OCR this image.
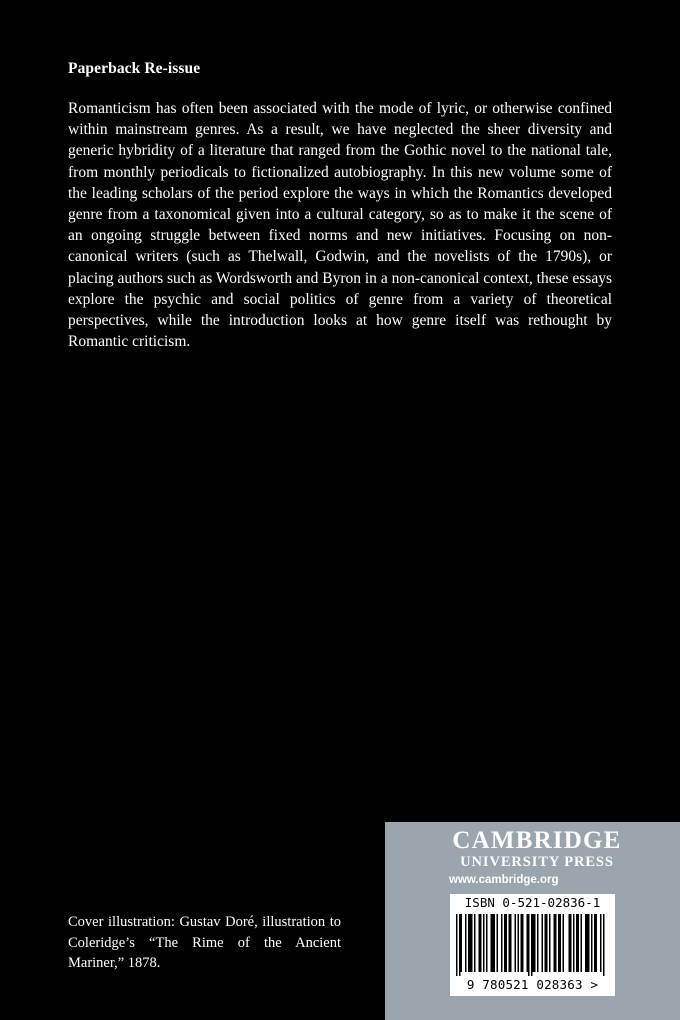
Paperback Re-issue

Romanticism has often been associated with the mode of lyric, or otherwise confined within mainstream genres. As a result, we have neglected the sheer diversity and generic hybridity of a literature that ranged from the Gothic novel to the national tale, from monthly periodicals to fictionalized autobiography. In this new volume some of the leading scholars of the period explore the ways in which the Romantics developed genre from a taxonomical given into a cultural category, so as to make it the scene of an ongoing struggle between fixed norms and new initiatives. Focusing on non-canonical writers (such as Thelwall, Godwin, and the novelists of the 1790s), or placing authors such as Wordsworth and Byron in a non-canonical context, these essays explore the psychic and social politics of genre from a variety of theoretical perspectives, while the introduction looks at how genre itself was rethought by Romantic criticism.

Cover illustration: Gustav Doré, illustration to Coleridge’s “The Rime of the Ancient Mariner,” 1878.

CAMBRIDGE
UNIVERSITY PRESS
www.cambridge.org
ISBN 0-521-02836-1
9 780521 028363 >
